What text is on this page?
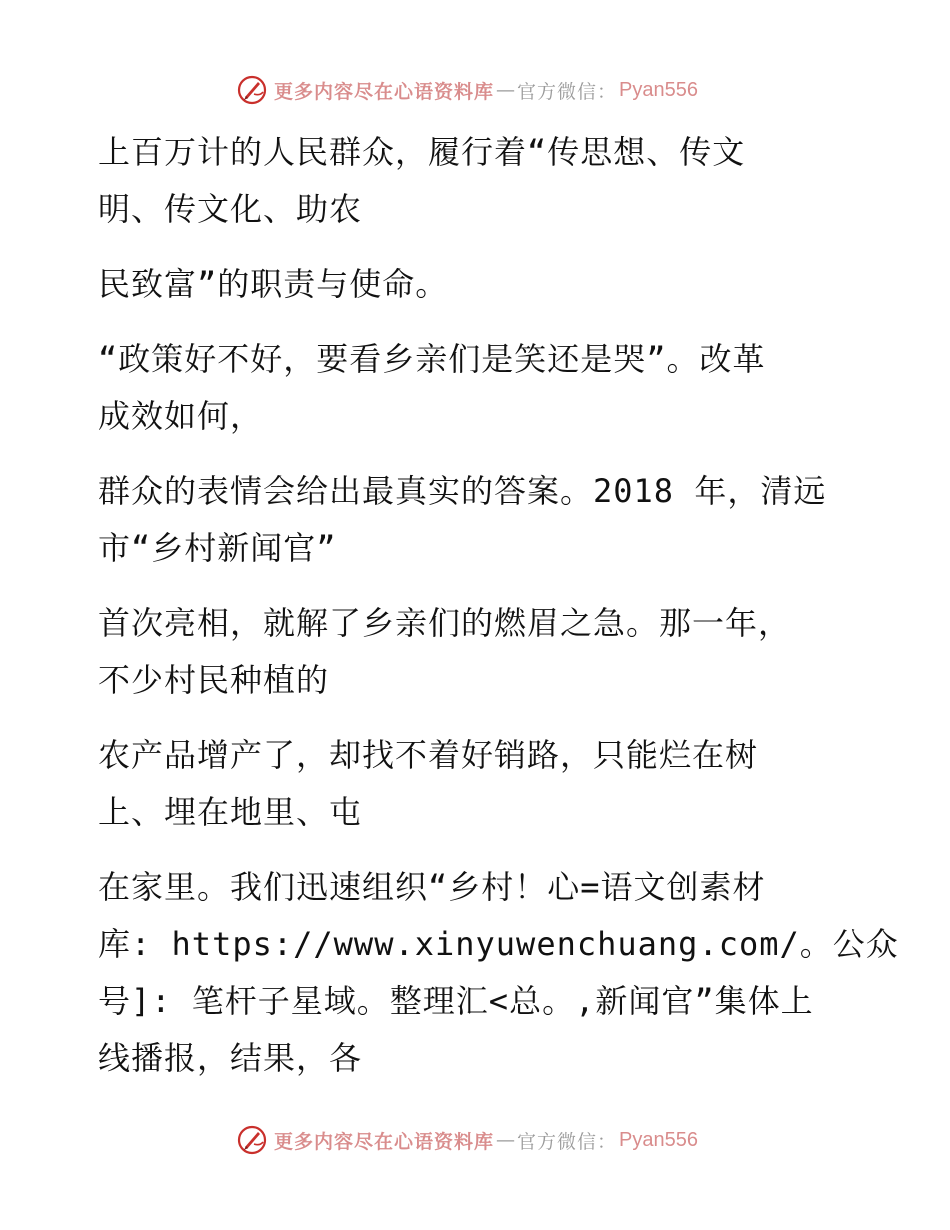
更多内容尽在心语资料库 — 官方微信： Pyan556
上百万计的人民群众，履行着“传思想、传文
明、传文化、助农
民致富”的职责与使命。
“政策好不好，要看乡亲们是笑还是哭”。改革
成效如何，
群众的表情会给出最真实的答案。2018 年，清远
市“乡村新闻官”
首次亮相，就解了乡亲们的燃眉之急。那一年，
不少村民种植的
农产品增产了，却找不着好销路，只能烂在树
上、埋在地里、屯
在家里。我们迅速组织“乡村！心=语文创素材
库: https://www.xinyuwenchuang.com/。公众
号]: 笔杆子星域。整理汇<总。,新闻官”集体上
线播报，结果，各
更多内容尽在心语资料库 — 官方微信： Pyan556
